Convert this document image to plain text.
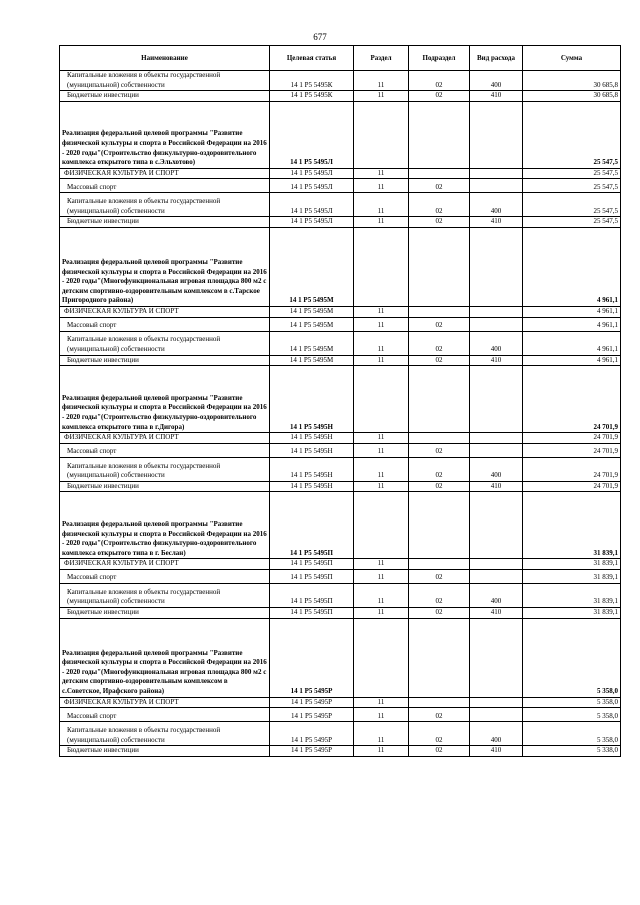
677
Наименование	Целевая статья	Раздел	Подраздел	Вид расхода	Сумма
Капитальные вложения в объекты государственной (муниципальной) собственности	14 1 P5 5495К	11	02	400	30 685,8
Бюджетные инвестиции	14 1 P5 5495К	11	02	410	30 685,8
Реализация федеральной целевой программы "Развитие физической культуры и спорта в Российской Федерации на 2016 - 2020 годы"(Строительство физкультурно-оздоровительного комплекса открытого типа в с.Эльхотово)	14 1 P5 5495Л				25 547,5
ФИЗИЧЕСКАЯ КУЛЬТУРА И СПОРТ	14 1 P5 5495Л	11			25 547,5
Массовый спорт	14 1 P5 5495Л	11	02		25 547,5
Капитальные вложения в объекты государственной (муниципальной) собственности	14 1 P5 5495Л	11	02	400	25 547,5
Бюджетные инвестиции	14 1 P5 5495Л	11	02	410	25 547,5
Реализация федеральной целевой программы "Развитие физической культуры и спорта в Российской Федерации на 2016 - 2020 годы"(Многофункциональная игровая площадка 800 м2 с детским спортивно-оздоровительным комплексом в с.Тарское Пригородного района)	14 1 P5 5495М				4 961,1
ФИЗИЧЕСКАЯ КУЛЬТУРА И СПОРТ	14 1 P5 5495М	11			4 961,1
Массовый спорт	14 1 P5 5495М	11	02		4 961,1
Капитальные вложения в объекты государственной (муниципальной) собственности	14 1 P5 5495М	11	02	400	4 961,1
Бюджетные инвестиции	14 1 P5 5495М	11	02	410	4 961,1
Реализация федеральной целевой программы "Развитие физической культуры и спорта в Российской Федерации на 2016 - 2020 годы"(Строительство физкультурно-оздоровительного комплекса открытого типа в г.Дигора)	14 1 P5 5495Н				24 701,9
ФИЗИЧЕСКАЯ КУЛЬТУРА И СПОРТ	14 1 P5 5495Н	11			24 701,9
Массовый спорт	14 1 P5 5495Н	11	02		24 701,9
Капитальные вложения в объекты государственной (муниципальной) собственности	14 1 P5 5495Н	11	02	400	24 701,9
Бюджетные инвестиции	14 1 P5 5495Н	11	02	410	24 701,9
Реализация федеральной целевой программы "Развитие физической культуры и спорта в Российской Федерации на 2016 - 2020 годы"(Строительство физкультурно-оздоровительного комплекса открытого типа в г. Беслан)	14 1 P5 5495П				31 839,1
ФИЗИЧЕСКАЯ КУЛЬТУРА И СПОРТ	14 1 P5 5495П	11			31 839,1
Массовый спорт	14 1 P5 5495П	11	02		31 839,1
Капитальные вложения в объекты государственной (муниципальной) собственности	14 1 P5 5495П	11	02	400	31 839,1
Бюджетные инвестиции	14 1 P5 5495П	11	02	410	31 839,1
Реализация федеральной целевой программы "Развитие физической культуры и спорта в Российской Федерации на 2016 - 2020 годы"(Многофункциональная игровая площадка 800 м2 с детским спортивно-оздоровительным комплексом в с.Советское, Ирафского района)	14 1 P5 5495Р				5 358,0
ФИЗИЧЕСКАЯ КУЛЬТУРА И СПОРТ	14 1 P5 5495Р	11			5 358,0
Массовый спорт	14 1 P5 5495Р	11	02		5 358,0
Капитальные вложения в объекты государственной (муниципальной) собственности	14 1 P5 5495Р	11	02	400	5 358,0
Бюджетные инвестиции	14 1 P5 5495Р	11	02	410	5 338,0
